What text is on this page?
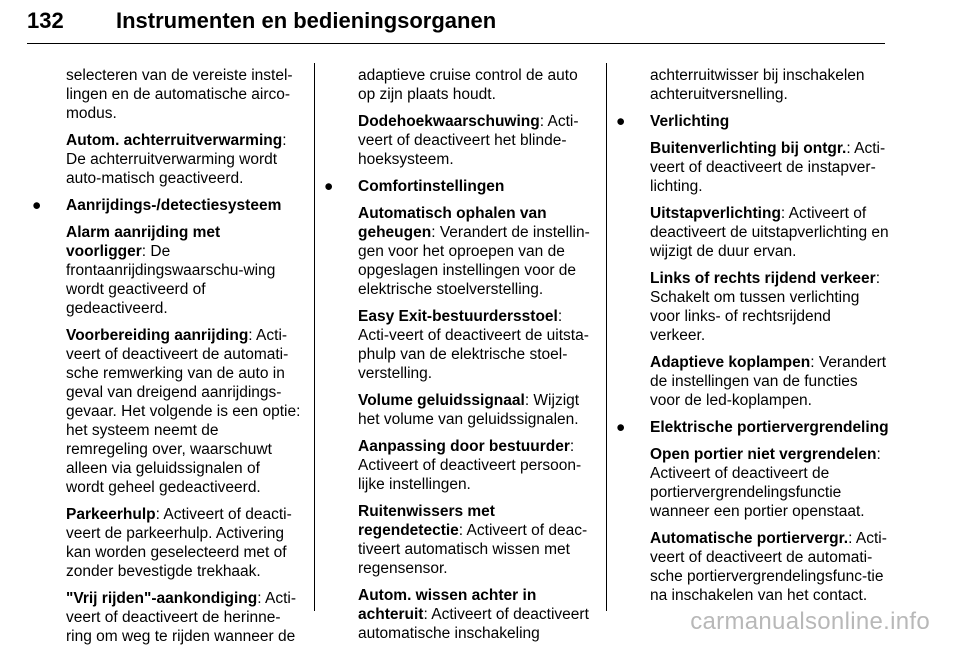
132 Instrumenten en bedieningsorganen

selecteren van de vereiste instel-
lingen en de automatische airco-
modus.

Autom. achterruitverwarming: De achterruitverwarming wordt auto-matisch geactiveerd.

● Aanrijdings-/detectiesysteem

Alarm aanrijding met voorligger: De frontaanrijdingswaarschu-wing wordt geactiveerd of gedeactiveerd.

Voorbereiding aanrijding: Acti-veert of deactiveert de automati-sche remwerking van de auto in geval van dreigend aanrijdings-gevaar. Het volgende is een optie: het systeem neemt de remregeling over, waarschuwt alleen via geluidssignalen of wordt geheel gedeactiveerd.

Parkeerhulp: Activeert of deacti-veert de parkeerhulp. Activering kan worden geselecteerd met of zonder bevestigde trekhaak.

"Vrij rijden"-aankondiging: Acti-veert of deactiveert de herinne-ring om weg te rijden wanneer de

adaptieve cruise control de auto op zijn plaats houdt.

Dodehoekwaarschuwing: Acti-veert of deactiveert het blinde-hoeksysteem.

● Comfortinstellingen

Automatisch ophalen van geheugen: Verandert de instellin-gen voor het oproepen van de opgeslagen instellingen voor de elektrische stoelverstelling.

Easy Exit-bestuurdersstoel: Acti-veert of deactiveert de uitsta-phulp van de elektrische stoel-verstelling.

Volume geluidssignaal: Wijzigt het volume van geluidssignalen.

Aanpassing door bestuurder: Activeert of deactiveert persoon-lijke instellingen.

Ruitenwissers met regendetectie: Activeert of deac-tiveert automatisch wissen met regensensor.

Autom. wissen achter in achteruit: Activeert of deactiveert automatische inschakeling

achterruitwisser bij inschakelen achteruitversnelling.

● Verlichting

Buitenverlichting bij ontgr.: Acti-veert of deactiveert de instapver-lichting.

Uitstapverlichting: Activeert of deactiveert de uitstapverlichting en wijzigt de duur ervan.

Links of rechts rijdend verkeer: Schakelt om tussen verlichting voor links- of rechtsrijdend verkeer.

Adaptieve koplampen: Verandert de instellingen van de functies voor de led-koplampen.

● Elektrische portiervergrendeling

Open portier niet vergrendelen: Activeert of deactiveert de portiervergrendelingsfunctie wanneer een portier openstaat.

Automatische portiervergr.: Acti-veert of deactiveert de automati-sche portiervergrendelingsfunc-tie na inschakelen van het contact.

carmanualsonline.info
